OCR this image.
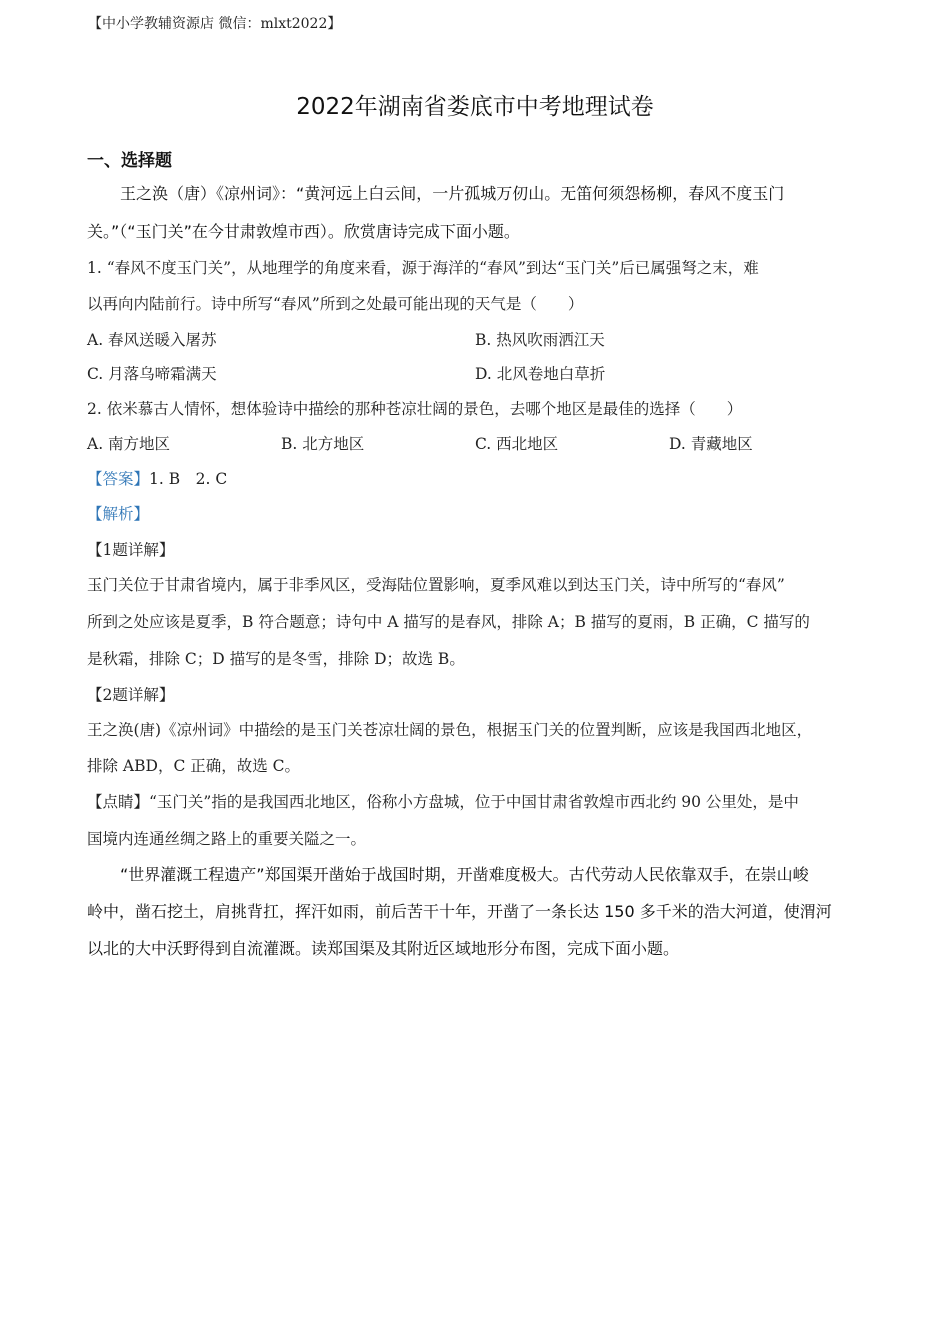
【中小学教辅资源店 微信：mlxt2022】
2022年湖南省娄底市中考地理试卷
一、选择题
王之涣（唐）《凉州词》：“黄河远上白云间，一片孤城万仞山。无笛何须怨杨柳，春风不度玉门
关。”（“玉门关”在今甘肃敦煌市西）。欣赏唐诗完成下面小题。
1. “春风不度玉门关”，从地理学的角度来看，源于海洋的“春风”到达“玉门关”后已属强弩之末，难
以再向内陆前行。诗中所写“春风”所到之处最可能出现的天气是（　　）
A. 春风送暖入屠苏	B. 热风吹雨洒江天
C. 月落乌啼霜满天	D. 北风卷地白草折
2. 依米慕古人情怀，想体验诗中描绘的那种苍凉壮阔的景色，去哪个地区是最佳的选择（　　）
A. 南方地区	B. 北方地区	C. 西北地区	D. 青藏地区
【答案】1. B　2. C
【解析】
【1题详解】
玉门关位于甘肃省境内，属于非季风区，受海陆位置影响，夏季风难以到达玉门关，诗中所写的“春风”
所到之处应该是夏季，B 符合题意；诗句中 A 描写的是春风，排除 A；B 描写的夏雨，B 正确，C 描写的
是秋霜，排除 C；D 描写的是冬雪，排除 D；故选 B。
【2题详解】
王之涣(唐)《凉州词》中描绘的是玉门关苍凉壮阔的景色，根据玉门关的位置判断，应该是我国西北地区，
排除 ABD，C 正确，故选 C。
【点睛】“玉门关”指的是我国西北地区，俗称小方盘城，位于中国甘肃省敦煌市西北约 90 公里处，是中
国境内连通丝绸之路上的重要关隘之一。
“世界灌溉工程遗产”郑国渠开凿始于战国时期，开凿难度极大。古代劳动人民依靠双手，在崇山峻
岭中，凿石挖土，肩挑背扛，挥汗如雨，前后苦干十年，开凿了一条长达 150 多千米的浩大河道，使渭河
以北的大中沃野得到自流灌溉。读郑国渠及其附近区域地形分布图，完成下面小题。
